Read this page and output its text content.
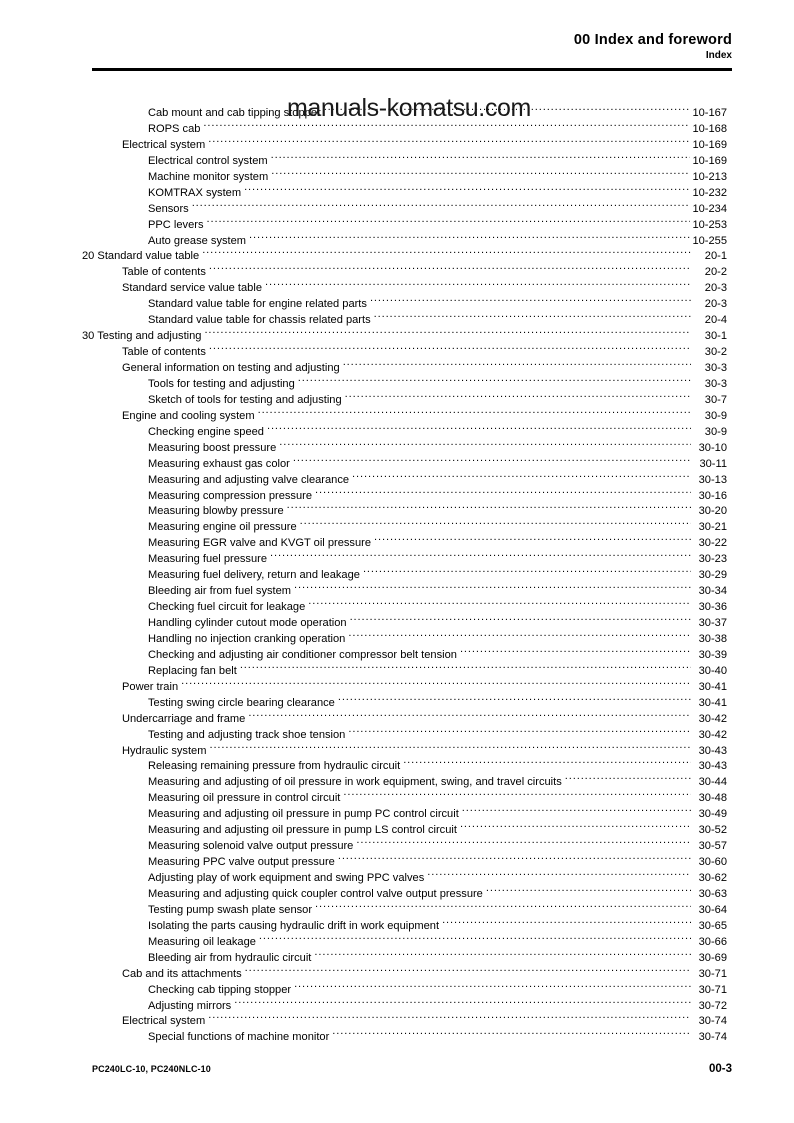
00 Index and foreword
Index
manuals-komatsu.com
Cab mount and cab tipping stopper .....	10-167
ROPS cab .....	10-168
Electrical system .....	10-169
Electrical control system .....	10-169
Machine monitor system .....	10-213
KOMTRAX system .....	10-232
Sensors .....	10-234
PPC levers .....	10-253
Auto grease system .....	10-255
20 Standard value table .....	20-1
Table of contents .....	20-2
Standard service value table .....	20-3
Standard value table for engine related parts .....	20-3
Standard value table for chassis related parts .....	20-4
30 Testing and adjusting .....	30-1
Table of contents .....	30-2
General information on testing and adjusting .....	30-3
Tools for testing and adjusting .....	30-3
Sketch of tools for testing and adjusting .....	30-7
Engine and cooling system .....	30-9
Checking engine speed .....	30-9
Measuring boost pressure .....	30-10
Measuring exhaust gas color .....	30-11
Measuring and adjusting valve clearance .....	30-13
Measuring compression pressure .....	30-16
Measuring blowby pressure .....	30-20
Measuring engine oil pressure .....	30-21
Measuring EGR valve and KVGT oil pressure .....	30-22
Measuring fuel pressure .....	30-23
Measuring fuel delivery, return and leakage .....	30-29
Bleeding air from fuel system .....	30-34
Checking fuel circuit for leakage .....	30-36
Handling cylinder cutout mode operation .....	30-37
Handling no injection cranking operation .....	30-38
Checking and adjusting air conditioner compressor belt tension .....	30-39
Replacing fan belt .....	30-40
Power train .....	30-41
Testing swing circle bearing clearance .....	30-41
Undercarriage and frame .....	30-42
Testing and adjusting track shoe tension .....	30-42
Hydraulic system .....	30-43
Releasing remaining pressure from hydraulic circuit .....	30-43
Measuring and adjusting of oil pressure in work equipment, swing, and travel circuits .....	30-44
Measuring oil pressure in control circuit .....	30-48
Measuring and adjusting oil pressure in pump PC control circuit .....	30-49
Measuring and adjusting oil pressure in pump LS control circuit .....	30-52
Measuring solenoid valve output pressure .....	30-57
Measuring PPC valve output pressure .....	30-60
Adjusting play of work equipment and swing PPC valves .....	30-62
Measuring and adjusting quick coupler control valve output pressure .....	30-63
Testing pump swash plate sensor .....	30-64
Isolating the parts causing hydraulic drift in work equipment .....	30-65
Measuring oil leakage .....	30-66
Bleeding air from hydraulic circuit .....	30-69
Cab and its attachments .....	30-71
Checking cab tipping stopper .....	30-71
Adjusting mirrors .....	30-72
Electrical system .....	30-74
Special functions of machine monitor .....	30-74
PC240LC-10, PC240NLC-10	00-3
